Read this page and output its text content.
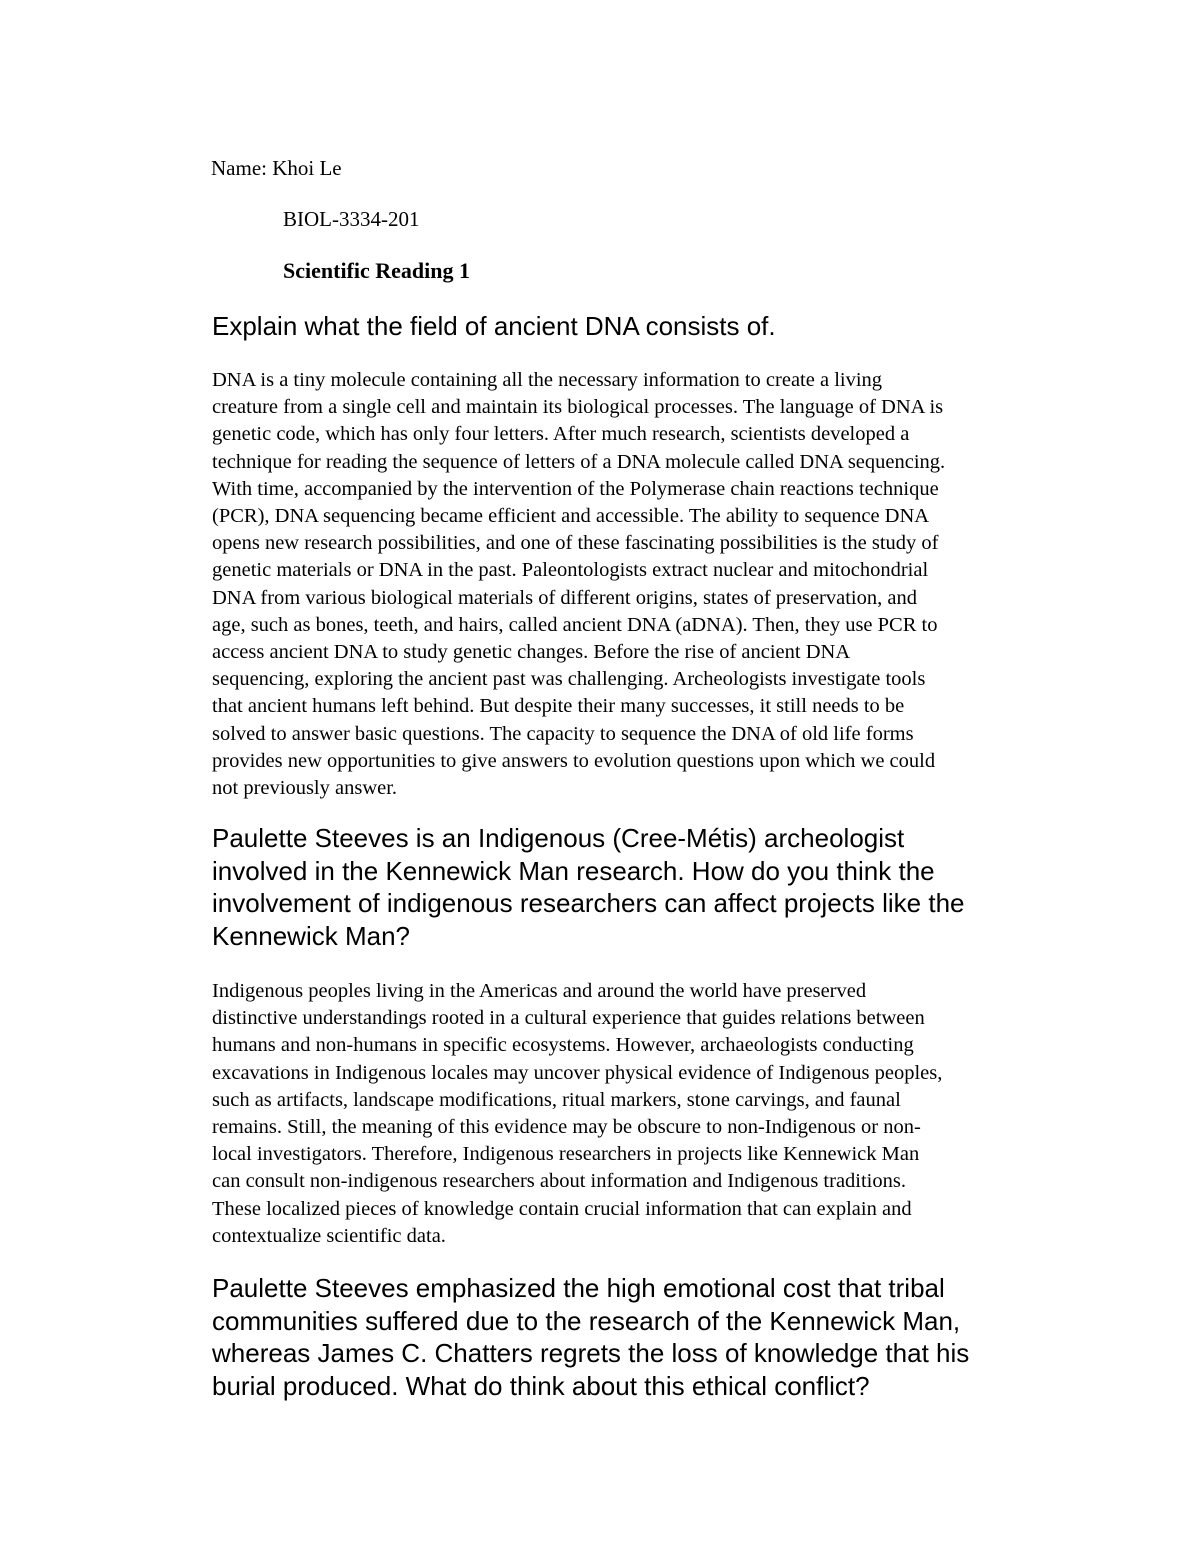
Name: Khoi Le
BIOL-3334-201
Scientific Reading 1
Explain what the field of ancient DNA consists of.

DNA is a tiny molecule containing all the necessary information to create a living
creature from a single cell and maintain its biological processes. The language of DNA is
genetic code, which has only four letters. After much research, scientists developed a
technique for reading the sequence of letters of a DNA molecule called DNA sequencing.
With time, accompanied by the intervention of the Polymerase chain reactions technique
(PCR), DNA sequencing became efficient and accessible. The ability to sequence DNA
opens new research possibilities, and one of these fascinating possibilities is the study of
genetic materials or DNA in the past. Paleontologists extract nuclear and mitochondrial
DNA from various biological materials of different origins, states of preservation, and
age, such as bones, teeth, and hairs, called ancient DNA (aDNA). Then, they use PCR to
access ancient DNA to study genetic changes. Before the rise of ancient DNA
sequencing, exploring the ancient past was challenging. Archeologists investigate tools
that ancient humans left behind. But despite their many successes, it still needs to be
solved to answer basic questions. The capacity to sequence the DNA of old life forms
provides new opportunities to give answers to evolution questions upon which we could
not previously answer.

Paulette Steeves is an Indigenous (Cree-Métis) archeologist
involved in the Kennewick Man research. How do you think the
involvement of indigenous researchers can affect projects like the
Kennewick Man?

Indigenous peoples living in the Americas and around the world have preserved
distinctive understandings rooted in a cultural experience that guides relations between
humans and non-humans in specific ecosystems. However, archaeologists conducting
excavations in Indigenous locales may uncover physical evidence of Indigenous peoples,
such as artifacts, landscape modifications, ritual markers, stone carvings, and faunal
remains. Still, the meaning of this evidence may be obscure to non-Indigenous or non-
local investigators. Therefore, Indigenous researchers in projects like Kennewick Man
can consult non-indigenous researchers about information and Indigenous traditions.
These localized pieces of knowledge contain crucial information that can explain and
contextualize scientific data.

Paulette Steeves emphasized the high emotional cost that tribal
communities suffered due to the research of the Kennewick Man,
whereas James C. Chatters regrets the loss of knowledge that his
burial produced. What do think about this ethical conflict?
